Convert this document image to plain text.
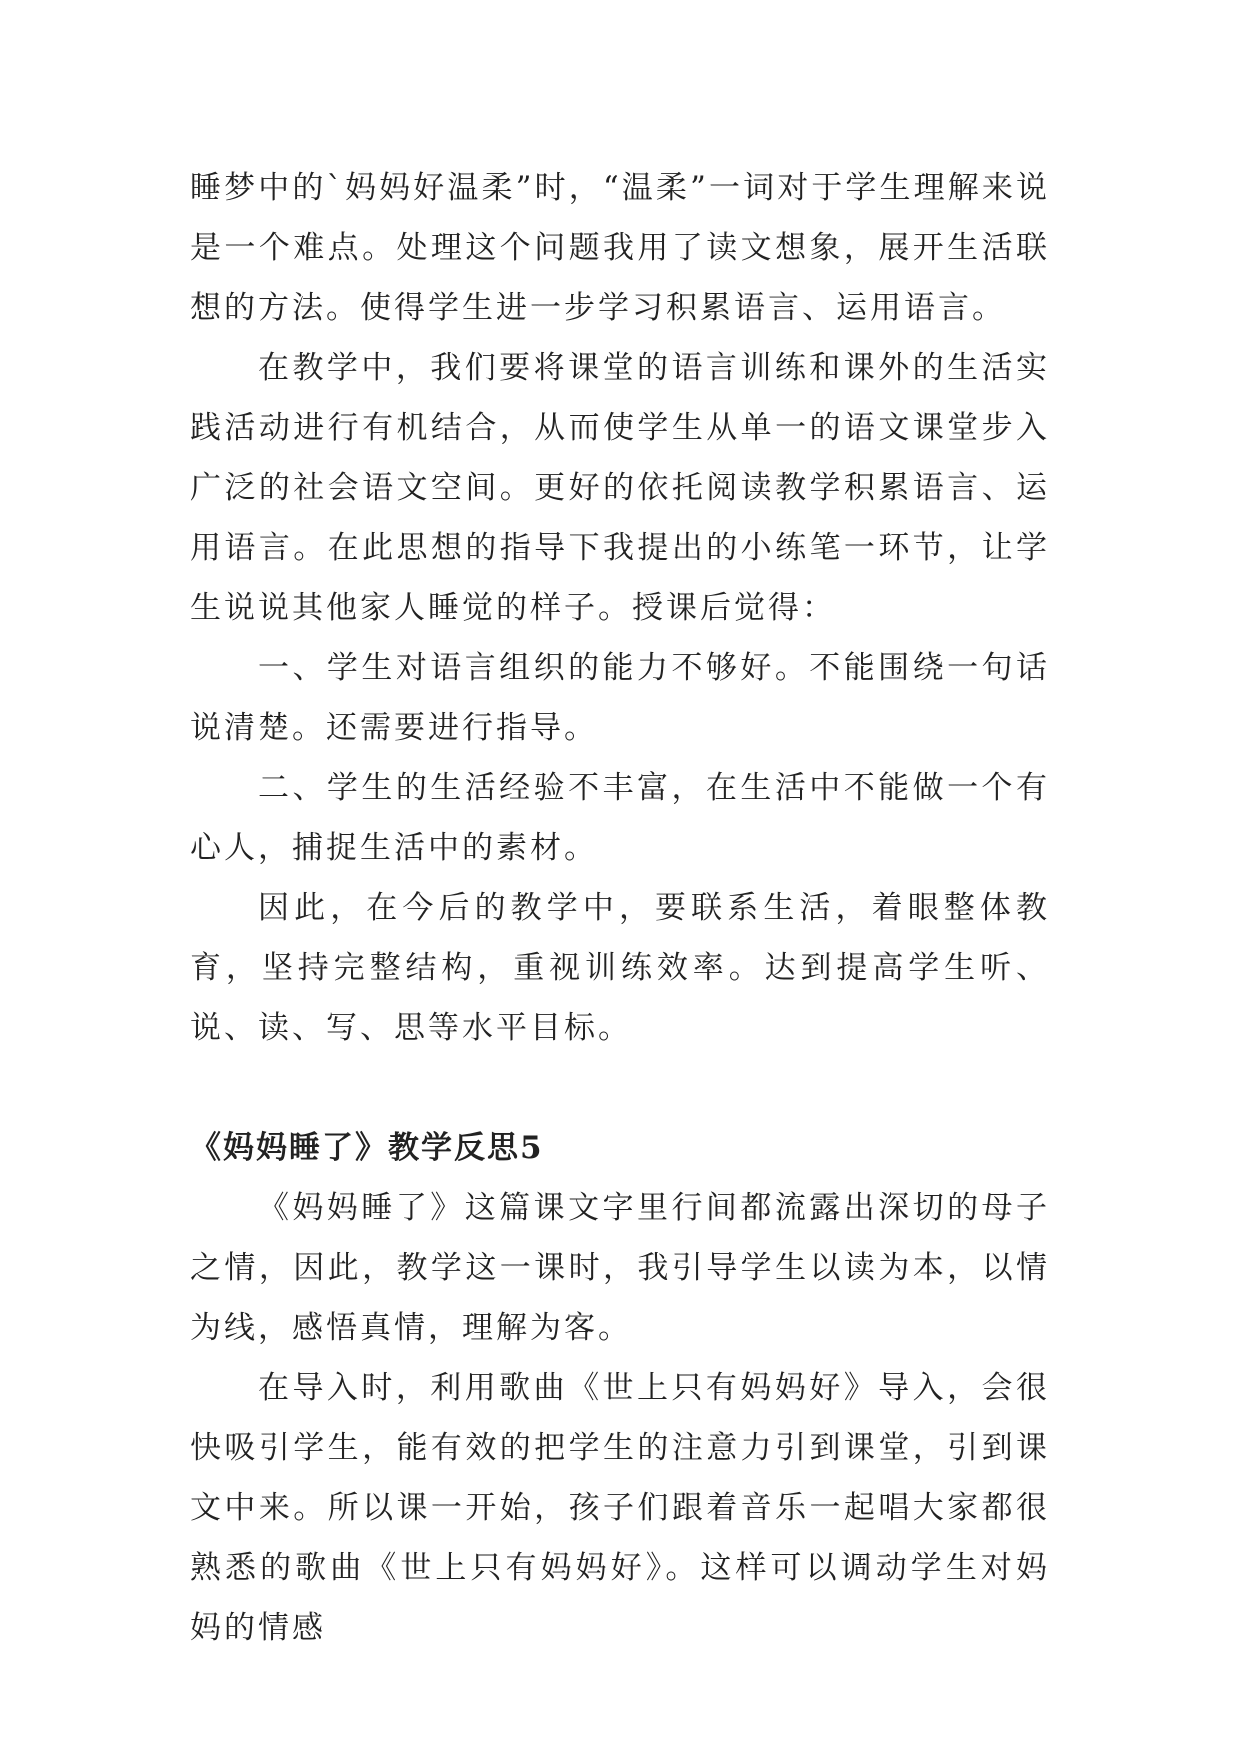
睡梦中的`妈妈好温柔”时，“温柔”一词对于学生理解来说是一个难点。处理这个问题我用了读文想象，展开生活联想的方法。使得学生进一步学习积累语言、运用语言。

在教学中，我们要将课堂的语言训练和课外的生活实践活动进行有机结合，从而使学生从单一的语文课堂步入广泛的社会语文空间。更好的依托阅读教学积累语言、运用语言。在此思想的指导下我提出的小练笔一环节，让学生说说其他家人睡觉的样子。授课后觉得：

一、学生对语言组织的能力不够好。不能围绕一句话说清楚。还需要进行指导。

二、学生的生活经验不丰富，在生活中不能做一个有心人，捕捉生活中的素材。

因此，在今后的教学中，要联系生活，着眼整体教育，坚持完整结构，重视训练效率。达到提高学生听、说、读、写、思等水平目标。

《妈妈睡了》教学反思5

《妈妈睡了》这篇课文字里行间都流露出深切的母子之情，因此，教学这一课时，我引导学生以读为本，以情为线，感悟真情，理解为客。

在导入时，利用歌曲《世上只有妈妈好》导入，会很快吸引学生，能有效的把学生的注意力引到课堂，引到课文中来。所以课一开始，孩子们跟着音乐一起唱大家都很熟悉的歌曲《世上只有妈妈好》。这样可以调动学生对妈妈的情感
